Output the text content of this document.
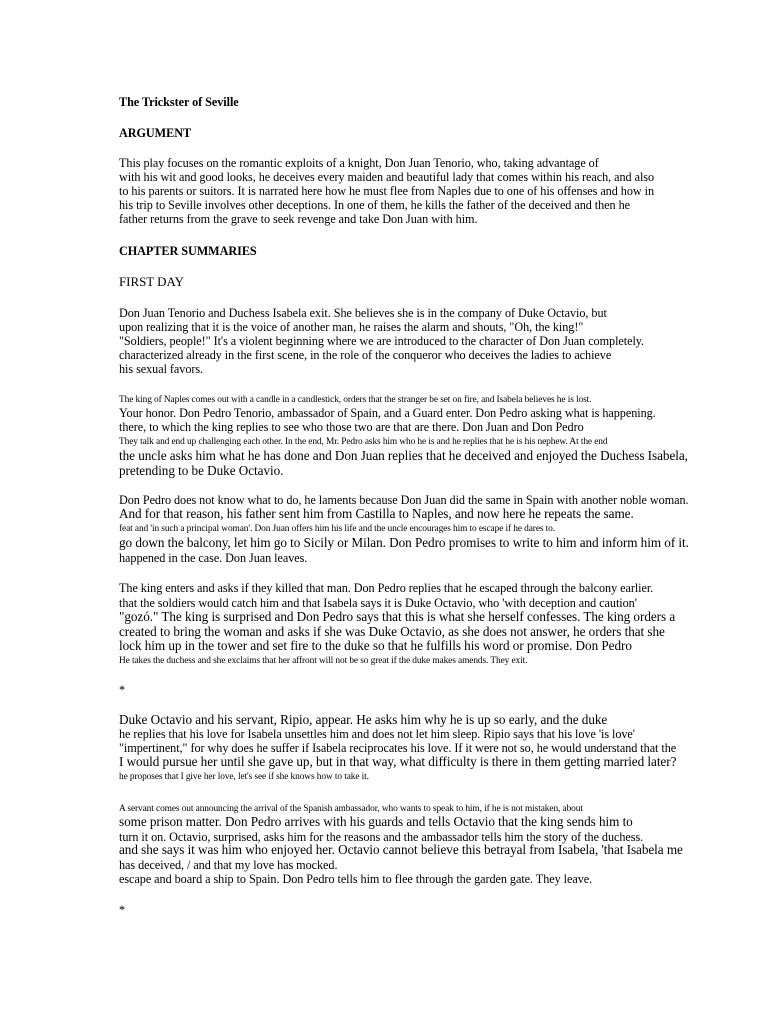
The Trickster of Seville
ARGUMENT
This play focuses on the romantic exploits of a knight, Don Juan Tenorio, who, taking advantage of
with his wit and good looks, he deceives every maiden and beautiful lady that comes within his reach, and also
to his parents or suitors. It is narrated here how he must flee from Naples due to one of his offenses and how in
his trip to Seville involves other deceptions. In one of them, he kills the father of the deceived and then he
father returns from the grave to seek revenge and take Don Juan with him.
CHAPTER SUMMARIES
FIRST DAY
Don Juan Tenorio and Duchess Isabela exit. She believes she is in the company of Duke Octavio, but
upon realizing that it is the voice of another man, he raises the alarm and shouts, "Oh, the king!"
"Soldiers, people!" It's a violent beginning where we are introduced to the character of Don Juan completely.
characterized already in the first scene, in the role of the conqueror who deceives the ladies to achieve
his sexual favors.
The king of Naples comes out with a candle in a candlestick, orders that the stranger be set on fire, and Isabela believes he is lost.
Your honor. Don Pedro Tenorio, ambassador of Spain, and a Guard enter. Don Pedro asking what is happening.
there, to which the king replies to see who those two are that are there. Don Juan and Don Pedro
They talk and end up challenging each other. In the end, Mr. Pedro asks him who he is and he replies that he is his nephew. At the end
the uncle asks him what he has done and Don Juan replies that he deceived and enjoyed the Duchess Isabela,
pretending to be Duke Octavio.
Don Pedro does not know what to do, he laments because Don Juan did the same in Spain with another noble woman.
And for that reason, his father sent him from Castilla to Naples, and now here he repeats the same.
feat and 'in such a principal woman'. Don Juan offers him his life and the uncle encourages him to escape if he dares to.
go down the balcony, let him go to Sicily or Milan. Don Pedro promises to write to him and inform him of it.
happened in the case. Don Juan leaves.
The king enters and asks if they killed that man. Don Pedro replies that he escaped through the balcony earlier.
that the soldiers would catch him and that Isabela says it is Duke Octavio, who 'with deception and caution'
"gozó." The king is surprised and Don Pedro says that this is what she herself confesses. The king orders a
created to bring the woman and asks if she was Duke Octavio, as she does not answer, he orders that she
lock him up in the tower and set fire to the duke so that he fulfills his word or promise. Don Pedro
He takes the duchess and she exclaims that her affront will not be so great if the duke makes amends. They exit.
*
Duke Octavio and his servant, Ripio, appear. He asks him why he is up so early, and the duke
he replies that his love for Isabela unsettles him and does not let him sleep. Ripio says that his love 'is love'
"impertinent," for why does he suffer if Isabela reciprocates his love. If it were not so, he would understand that the
I would pursue her until she gave up, but in that way, what difficulty is there in them getting married later?
he proposes that I give her love, let's see if she knows how to take it.
A servant comes out announcing the arrival of the Spanish ambassador, who wants to speak to him, if he is not mistaken, about
some prison matter. Don Pedro arrives with his guards and tells Octavio that the king sends him to
turn it on. Octavio, surprised, asks him for the reasons and the ambassador tells him the story of the duchess.
and she says it was him who enjoyed her. Octavio cannot believe this betrayal from Isabela, 'that Isabela me
has deceived, / and that my love has mocked.
escape and board a ship to Spain. Don Pedro tells him to flee through the garden gate. They leave.
*
